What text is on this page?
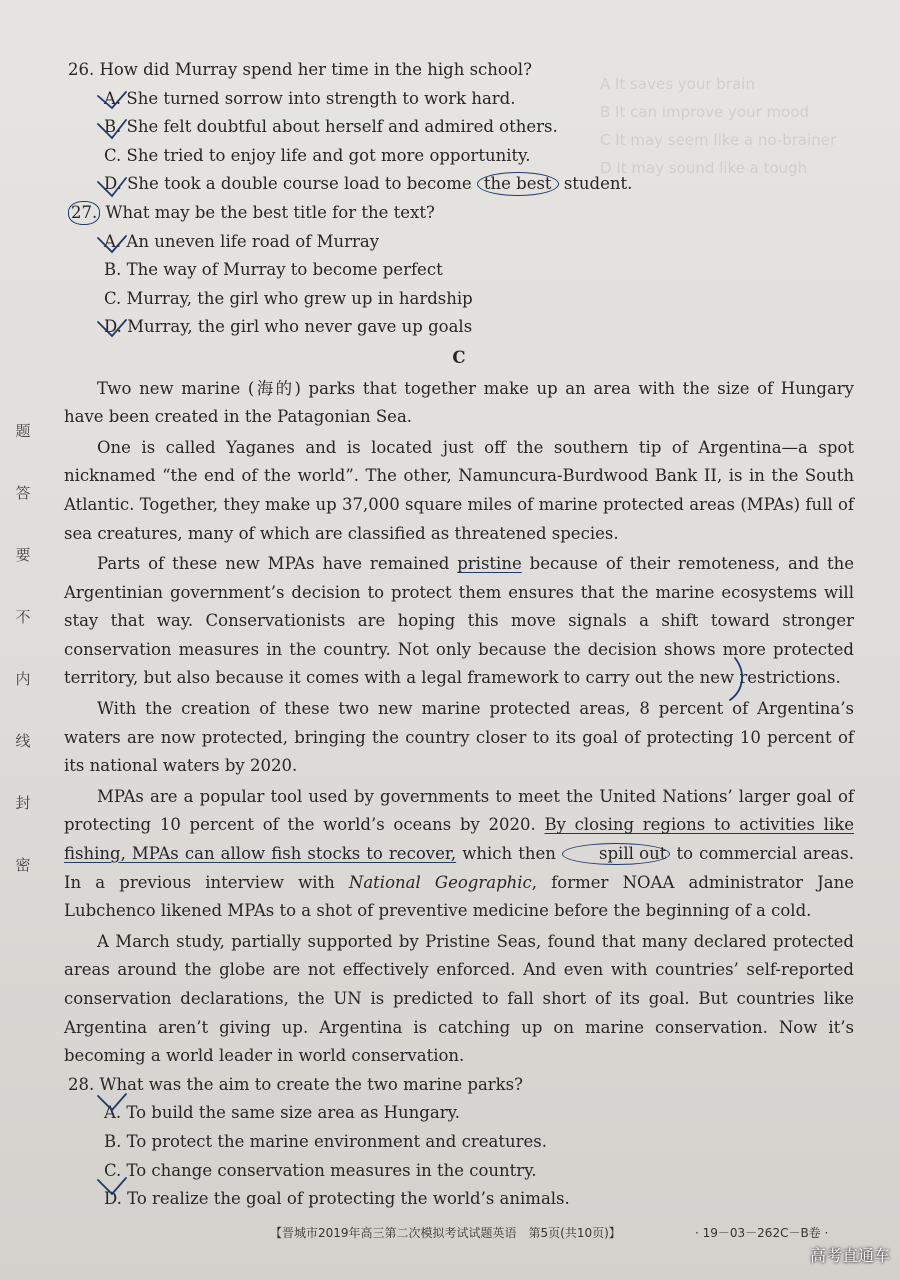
A It saves your brain
B It can improve your mood
C It may seem like a no-brainer
D It may sound like a tough
题
答
要
不
内
线
封
密
26. How did Murray spend her time in the high school?
A. She turned sorrow into strength to work hard.
B. She felt doubtful about herself and admired others.
C. She tried to enjoy life and got more opportunity.
D. She took a double course load to become the best student.
27. What may be the best title for the text?
A. An uneven life road of Murray
B. The way of Murray to become perfect
C. Murray, the girl who grew up in hardship
D. Murray, the girl who never gave up goals
C
Two new marine (海的) parks that together make up an area with the size of Hungary have been created in the Patagonian Sea.
One is called Yaganes and is located just off the southern tip of Argentina—a spot nicknamed “the end of the world”. The other, Namuncura-Burdwood Bank II, is in the South Atlantic. Together, they make up 37,000 square miles of marine protected areas (MPAs) full of sea creatures, many of which are classified as threatened species.
Parts of these new MPAs have remained pristine because of their remoteness, and the Argentinian government’s decision to protect them ensures that the marine ecosystems will stay that way. Conservationists are hoping this move signals a shift toward stronger conservation measures in the country. Not only because the decision shows more protected territory, but also because it comes with a legal framework to carry out the new restrictions.
With the creation of these two new marine protected areas, 8 percent of Argentina’s waters are now protected, bringing the country closer to its goal of protecting 10 percent of its national waters by 2020.
MPAs are a popular tool used by governments to meet the United Nations’ larger goal of protecting 10 percent of the world’s oceans by 2020. By closing regions to activities like fishing, MPAs can allow fish stocks to recover, which then	spill out to commercial areas. In a previous interview with National Geographic, former NOAA administrator Jane Lubchenco likened MPAs to a shot of preventive medicine before the beginning of a cold.
A March study, partially supported by Pristine Seas, found that many declared protected areas around the globe are not effectively enforced. And even with countries’ self-reported conservation declarations, the UN is predicted to fall short of its goal. But countries like Argentina aren’t giving up. Argentina is catching up on marine conservation. Now it’s becoming a world leader in world conservation.
28. What was the aim to create the two marine parks?
A. To build the same size area as Hungary.
B. To protect the marine environment and creatures.
C. To change conservation measures in the country.
D. To realize the goal of protecting the world’s animals.
【晋城市2019年高三第二次模拟考试试题英语　第5页(共10页)】	· 19－03－262C－B卷 ·
高考直通车
